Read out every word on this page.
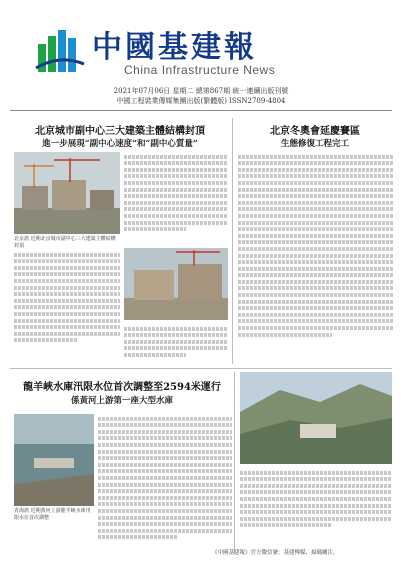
中國基建報
China Infrastructure News
2021年07月06日 星期二 總第867期 統一連續出版刊號
中國工程裝業傳媒集團出版(繁體版) ISSN2709-4804
北京城市副中心三大建築主體結構封頂
進一步展現“副中心速度”和“副中心質量”
北京訊 近期北京城市副中心三大建築主體結構封頂
北京冬奧會延慶賽區
生態修復工程完工
龍羊峽水庫汛限水位首次調整至2594米運行
係黃河上游第一座大型水庫
青海訊 近期黃河上游龍羊峽水庫汛限水位首次調整
《中國基建報》官方微信號：基建傳媒，掃碼關注。
